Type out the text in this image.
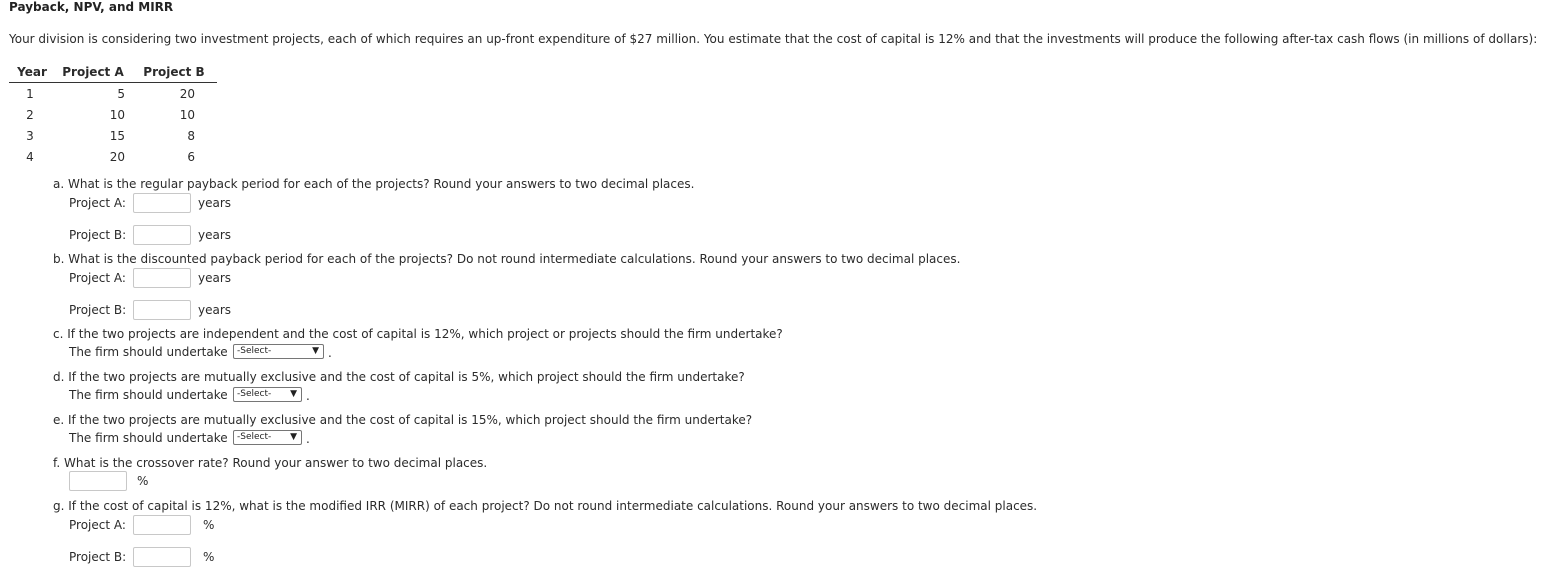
Payback, NPV, and MIRR
Your division is considering two investment projects, each of which requires an up-front expenditure of $27 million. You estimate that the cost of capital is 12% and that the investments will produce the following after-tax cash flows (in millions of dollars):
Year	Project A	Project B
1	5	20
2	10	10
3	15	8
4	20	6
a. What is the regular payback period for each of the projects? Round your answers to two decimal places.
Project A:	years
Project B:	years
b. What is the discounted payback period for each of the projects? Do not round intermediate calculations. Round your answers to two decimal places.
Project A:	years
Project B:	years
c. If the two projects are independent and the cost of capital is 12%, which project or projects should the firm undertake?
The firm should undertake	-Select-	▼ .
d. If the two projects are mutually exclusive and the cost of capital is 5%, which project should the firm undertake?
The firm should undertake	-Select- ▼ .
e. If the two projects are mutually exclusive and the cost of capital is 15%, which project should the firm undertake?
The firm should undertake	-Select- ▼ .
f. What is the crossover rate? Round your answer to two decimal places.
%
g. If the cost of capital is 12%, what is the modified IRR (MIRR) of each project? Do not round intermediate calculations. Round your answers to two decimal places.
Project A:	%
Project B:	%
